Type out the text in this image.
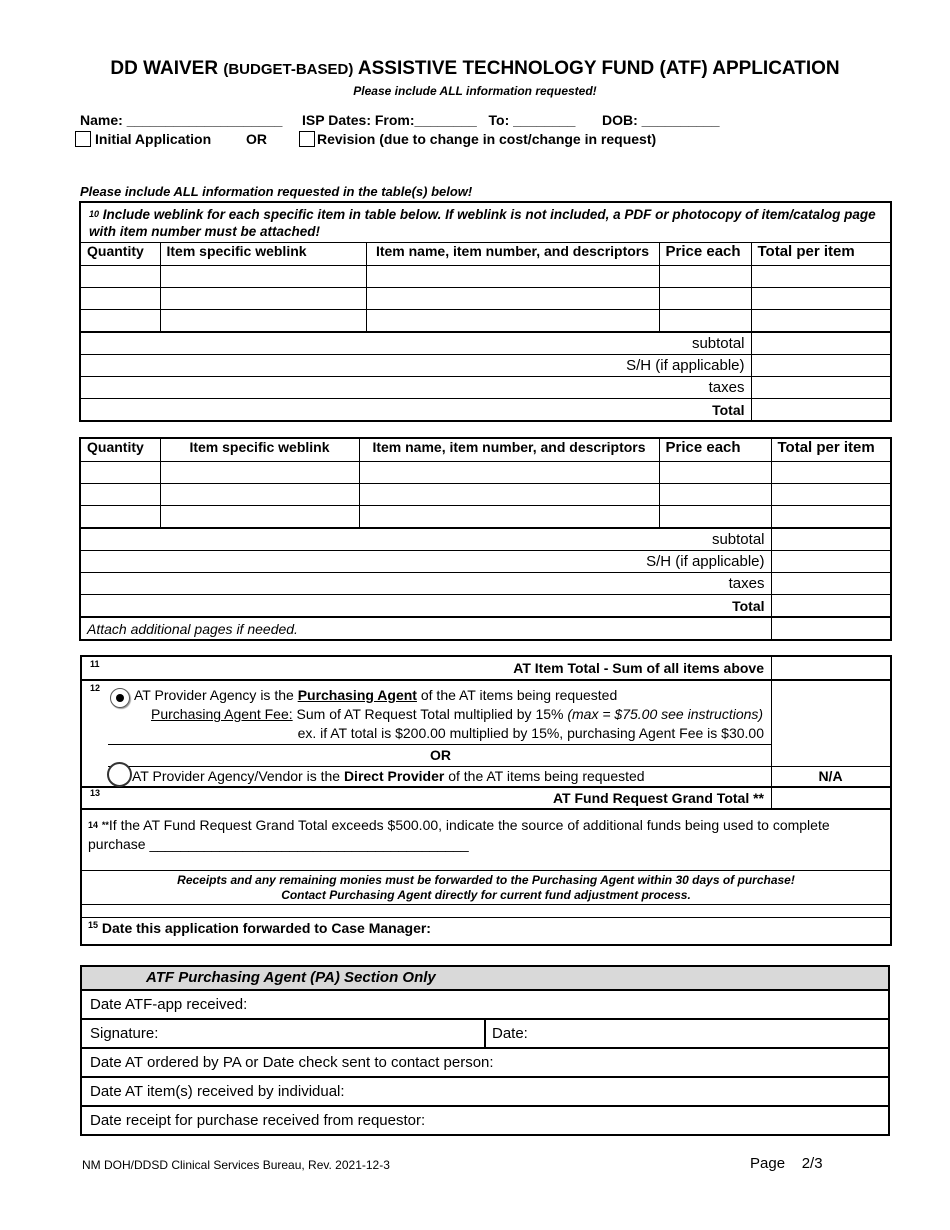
DD WAIVER (BUDGET-BASED) ASSISTIVE TECHNOLOGY FUND (ATF) APPLICATION
Please include ALL information requested!
Name: ____________________ ISP Dates: From:________ To: ________ DOB: __________
Initial Application OR	Revision (due to change in cost/change in request)
Please include ALL information requested in the table(s) below!
$^{10}$ Include weblink for each specific item in table below. If weblink is not included, a PDF or photocopy of item/catalog page with item number must be attached!				
Quantity	Item specific weblink	Item name, item number, and descriptors	Price each	Total per item

subtotal				
S/H (if applicable)				
taxes				
Total				
Quantity	Item specific weblink	Item name, item number, and descriptors	Price each	Total per item

subtotal				
S/H (if applicable)				
taxes				
Total				
Attach additional pages if needed.				
11	AT Item Total - Sum of all items above
12 AT Provider Agency is the Purchasing Agent of the AT items being requested
Purchasing Agent Fee: Sum of AT Request Total multiplied by 15% (max = $75.00 see instructions)
ex. if AT total is $200.00 multiplied by 15%, purchasing Agent Fee is $30.00
OR
AT Provider Agency/Vendor is the Direct Provider of the AT items being requested	N/A
13	AT Fund Request Grand Total **
$^{14}$ **If the AT Fund Request Grand Total exceeds $500.00, indicate the source of additional funds being used to complete purchase _________________________________________
Receipts and any remaining monies must be forwarded to the Purchasing Agent within 30 days of purchase!
Contact Purchasing Agent directly for current fund adjustment process.
$^{15}$ Date this application forwarded to Case Manager:
ATF Purchasing Agent (PA) Section Only
Date ATF-app received:
Signature:	Date:
Date AT ordered by PA or Date check sent to contact person:
Date AT item(s) received by individual:
Date receipt for purchase received from requestor:
NM DOH/DDSD Clinical Services Bureau, Rev. 2021-12-3	Page 2/3
